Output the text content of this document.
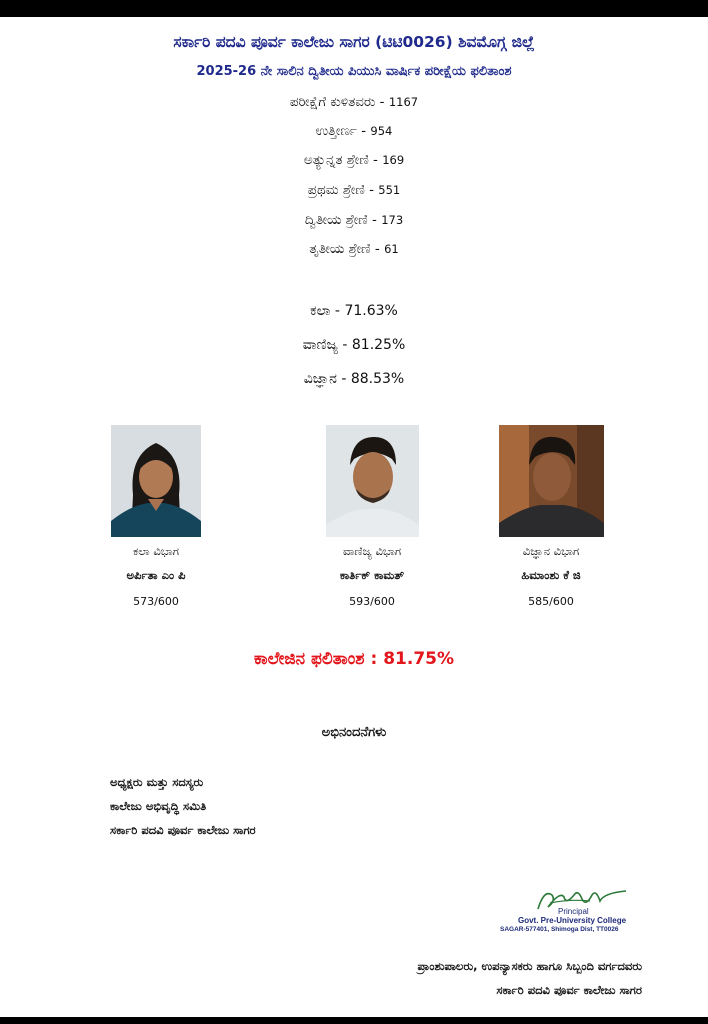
ಸರ್ಕಾರಿ ಪದವಿ ಪೂರ್ವ ಕಾಲೇಜು ಸಾಗರ (ಟಿಟಿ0026) ಶಿವಮೊಗ್ಗ ಜಿಲ್ಲೆ
2025-26 ನೇ ಸಾಲಿನ ದ್ವಿತೀಯ ಪಿಯುಸಿ ವಾರ್ಷಿಕ ಪರೀಕ್ಷೆಯ ಫಲಿತಾಂಶ
ಪರೀಕ್ಷೆಗೆ ಕುಳಿತವರು - 1167
ಉತ್ತೀರ್ಣ - 954
ಅತ್ಯುನ್ನತ ಶ್ರೇಣಿ - 169
ಪ್ರಥಮ ಶ್ರೇಣಿ - 551
ದ್ವಿತೀಯ ಶ್ರೇಣಿ - 173
ತೃತೀಯ ಶ್ರೇಣಿ - 61
ಕಲಾ - 71.63%
ವಾಣಿಜ್ಯ - 81.25%
ವಿಜ್ಞಾನ - 88.53%
ಕಲಾ ವಿಭಾಗ
ಅರ್ಪಿತಾ ಎಂ ಪಿ
573/600
ವಾಣಿಜ್ಯ ವಿಭಾಗ
ಕಾರ್ತಿಕ್ ಕಾಮತ್
593/600
ವಿಜ್ಞಾನ ವಿಭಾಗ
ಹಿಮಾಂಶು ಕೆ ಜಿ
585/600
ಕಾಲೇಜಿನ ಫಲಿತಾಂಶ : 81.75%
ಅಭಿನಂದನೆಗಳು
ಅಧ್ಯಕ್ಷರು ಮತ್ತು ಸದಸ್ಯರು
ಕಾಲೇಜು ಅಭಿವೃದ್ಧಿ ಸಮಿತಿ
ಸರ್ಕಾರಿ ಪದವಿ ಪೂರ್ವ ಕಾಲೇಜು ಸಾಗರ
Principal
Govt. Pre-University College
SAGAR-577401, Shimoga Dist, TT0026
ಪ್ರಾಂಶುಪಾಲರು, ಉಪನ್ಯಾಸಕರು ಹಾಗೂ ಸಿಬ್ಬಂದಿ ವರ್ಗದವರು
ಸರ್ಕಾರಿ ಪದವಿ ಪೂರ್ವ ಕಾಲೇಜು ಸಾಗರ
